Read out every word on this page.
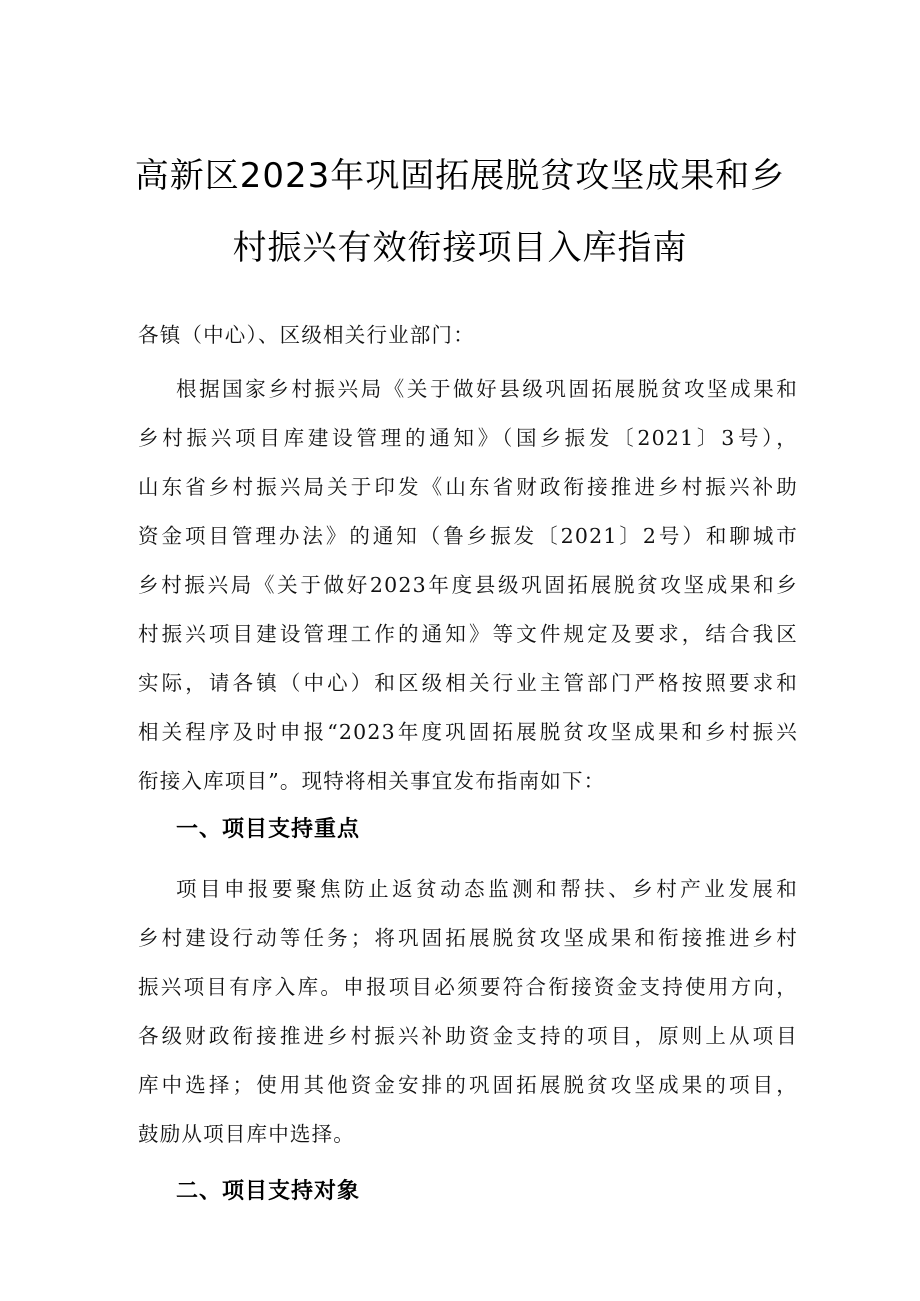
高新区2023年巩固拓展脱贫攻坚成果和乡
村振兴有效衔接项目入库指南
各镇（中心）、区级相关行业部门：
根据国家乡村振兴局《关于做好县级巩固拓展脱贫攻坚成果和
乡村振兴项目库建设管理的通知》（国乡振发〔2021〕3号），
山东省乡村振兴局关于印发《山东省财政衔接推进乡村振兴补助
资金项目管理办法》的通知（鲁乡振发〔2021〕2号）和聊城市
乡村振兴局《关于做好2023年度县级巩固拓展脱贫攻坚成果和乡
村振兴项目建设管理工作的通知》等文件规定及要求，结合我区
实际，请各镇（中心）和区级相关行业主管部门严格按照要求和
相关程序及时申报“2023年度巩固拓展脱贫攻坚成果和乡村振兴
衔接入库项目”。现特将相关事宜发布指南如下：
一、项目支持重点
项目申报要聚焦防止返贫动态监测和帮扶、乡村产业发展和
乡村建设行动等任务；将巩固拓展脱贫攻坚成果和衔接推进乡村
振兴项目有序入库。申报项目必须要符合衔接资金支持使用方向，
各级财政衔接推进乡村振兴补助资金支持的项目，原则上从项目
库中选择；使用其他资金安排的巩固拓展脱贫攻坚成果的项目，
鼓励从项目库中选择。
二、项目支持对象
